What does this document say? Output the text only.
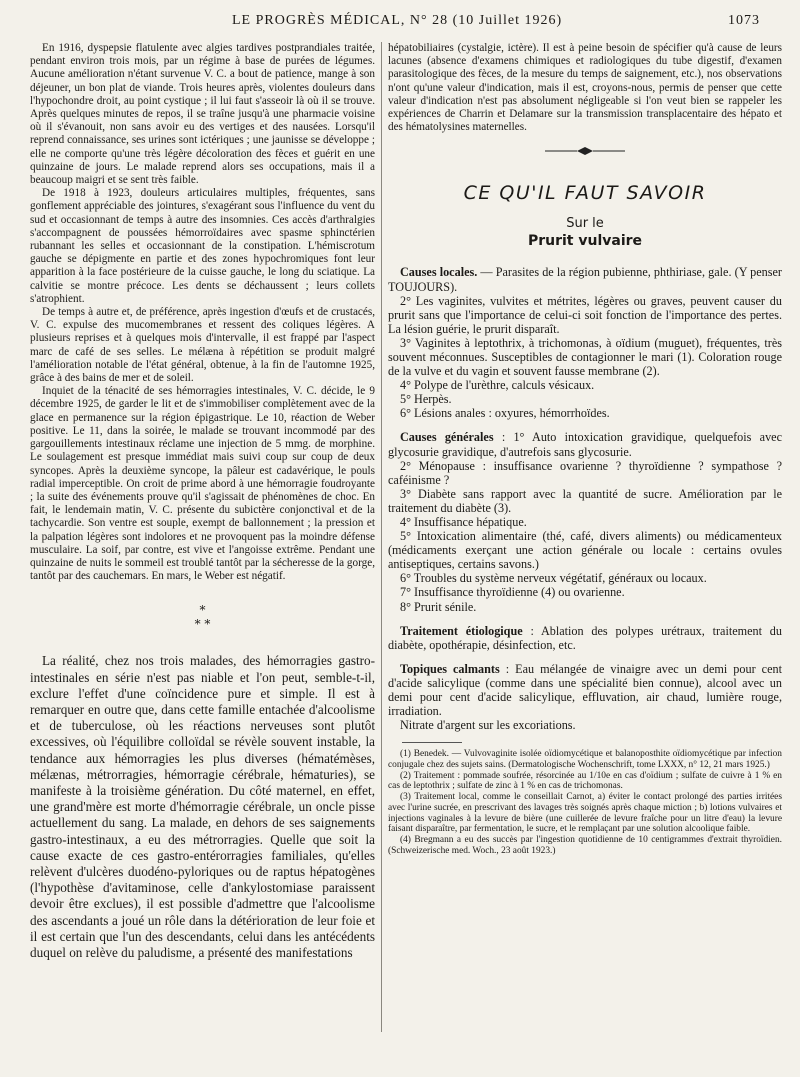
LE PROGRÈS MÉDICAL, N° 28 (10 Juillet 1926)	1073

En 1916, dyspepsie flatulente avec algies tardives postprandiales traitée, pendant environ trois mois, par un régime à base de purées de légumes. Aucune amélioration n'étant survenue V. C. a bout de patience, mange à son déjeuner, un bon plat de viande. Trois heures après, violentes douleurs dans l'hypochondre droit, au point cystique ; il lui faut s'asseoir là où il se trouve. Après quelques minutes de repos, il se traîne jusqu'à une pharmacie voisine où il s'évanouit, non sans avoir eu des vertiges et des nausées. Lorsqu'il reprend connaissance, ses urines sont ictériques ; une jaunisse se développe ; elle ne comporte qu'une très légère décoloration des fèces et guérit en une quinzaine de jours. Le malade reprend alors ses occupations, mais il a beaucoup maigri et se sent très faible.

De 1918 à 1923, douleurs articulaires multiples, fréquentes, sans gonflement appréciable des jointures, s'exagérant sous l'influence du vent du sud et occasionnant de temps à autre des insomnies. Ces accès d'arthralgies s'accompagnent de poussées hémorroïdaires avec spasme sphinctérien rubannant les selles et occasionnant de la constipation. L'hémiscrotum gauche se dépigmente en partie et des zones hypochromiques font leur apparition à la face postérieure de la cuisse gauche, le long du sciatique. La calvitie se montre précoce. Les dents se déchaussent ; leurs collets s'atrophient.

De temps à autre et, de préférence, après ingestion d'œufs et de crustacés, V. C. expulse des mucomembranes et ressent des coliques légères. A plusieurs reprises et à quelques mois d'intervalle, il est frappé par l'aspect marc de café de ses selles. Le mélæna à répétition se produit malgré l'amélioration notable de l'état général, obtenue, à la fin de l'automne 1925, grâce à des bains de mer et de soleil.

Inquiet de la ténacité de ses hémorragies intestinales, V. C. décide, le 9 décembre 1925, de garder le lit et de s'immobiliser complètement avec de la glace en permanence sur la région épigastrique. Le 10, réaction de Weber positive. Le 11, dans la soirée, le malade se trouvant incommodé par des gargouillements intestinaux réclame une injection de 5 mmg. de morphine. Le soulagement est presque immédiat mais suivi coup sur coup de deux syncopes. Après la deuxième syncope, la pâleur est cadavérique, le pouls radial imperceptible. On croit de prime abord à une hémorragie foudroyante ; la suite des événements prouve qu'il s'agissait de phénomènes de choc. En fait, le lendemain matin, V. C. présente du subictère conjonctival et de la tachycardie. Son ventre est souple, exempt de ballonnement ; la pression et la palpation légères sont indolores et ne provoquent pas la moindre défense musculaire. La soif, par contre, est vive et l'angoisse extrême. Pendant une quinzaine de nuits le sommeil est troublé tantôt par la sécheresse de la gorge, tantôt par des cauchemars. En mars, le Weber est négatif.

*
* *

La réalité, chez nos trois malades, des hémorragies gastro-intestinales en série n'est pas niable et l'on peut, semble-t-il, exclure l'effet d'une coïncidence pure et simple. Il est à remarquer en outre que, dans cette famille entachée d'alcoolisme et de tuberculose, où les réactions nerveuses sont plutôt excessives, où l'équilibre colloïdal se révèle souvent instable, la tendance aux hémorragies les plus diverses (hématémèses, mélænas, métrorragies, hémorragie cérébrale, hématuries), se manifeste à la troisième génération. Du côté maternel, en effet, une grand'mère est morte d'hémorragie cérébrale, un oncle pisse actuellement du sang. La malade, en dehors de ses saignements gastro-intestinaux, a eu des métrorragies. Quelle que soit la cause exacte de ces gastro-entérorragies familiales, qu'elles relèvent d'ulcères duodéno-pyloriques ou de raptus hépatogènes (l'hypothèse d'avitaminose, celle d'ankylostomiase paraissent devoir être exclues), il est possible d'admettre que l'alcoolisme des ascendants a joué un rôle dans la détérioration de leur foie et il est certain que l'un des descendants, celui dans les antécédents duquel on relève du paludisme, a présenté des manifestations

hépatobiliaires (cystalgie, ictère). Il est à peine besoin de spécifier qu'à cause de leurs lacunes (absence d'examens chimiques et radiologiques du tube digestif, d'examen parasitologique des fèces, de la mesure du temps de saignement, etc.), nos observations n'ont qu'une valeur d'indication, mais il est, croyons-nous, permis de penser que cette valeur d'indication n'est pas absolument négligeable si l'on veut bien se rappeler les expériences de Charrin et Delamare sur la transmission transplacentaire des hépato et des hématolysines maternelles.

CE QU'IL FAUT SAVOIR

Sur le

Prurit vulvaire

Causes locales. — Parasites de la région pubienne, phthiriase, gale. (Y penser TOUJOURS).

2° Les vaginites, vulvites et métrites, légères ou graves, peuvent causer du prurit sans que l'importance de celui-ci soit fonction de l'importance des pertes. La lésion guérie, le prurit disparaît.

3° Vaginites à leptothrix, à trichomonas, à oïdium (muguet), fréquentes, très souvent méconnues. Susceptibles de contagionner le mari (1). Coloration rouge de la vulve et du vagin et souvent fausse membrane (2).

4° Polype de l'urèthre, calculs vésicaux.

5° Herpès.

6° Lésions anales : oxyures, hémorrhoïdes.

Causes générales : 1° Auto intoxication gravidique, quelquefois avec glycosurie gravidique, d'autrefois sans glycosurie.

2° Ménopause : insuffisance ovarienne ? thyroïdienne ? sympathose ? caféinisme ?

3° Diabète sans rapport avec la quantité de sucre. Amélioration par le traitement du diabète (3).

4° Insuffisance hépatique.

5° Intoxication alimentaire (thé, café, divers aliments) ou médicamenteux (médicaments exerçant une action générale ou locale : certains ovules antiseptiques, certains savons.)

6° Troubles du système nerveux végétatif, généraux ou locaux.

7° Insuffisance thyroïdienne (4) ou ovarienne.

8° Prurit sénile.

Traitement étiologique : Ablation des polypes urétraux, traitement du diabète, opothérapie, désinfection, etc.

Topiques calmants : Eau mélangée de vinaigre avec un demi pour cent d'acide salicylique (comme dans une spécialité bien connue), alcool avec un demi pour cent d'acide salicylique, effluvation, air chaud, lumière rouge, irradiation.

Nitrate d'argent sur les excoriations.

(1) Benedek. — Vulvovaginite isolée oïdiomycétique et balanoposthite oïdiomycétique par infection conjugale chez des sujets sains. (Dermatologische Wochenschrift, tome LXXX, n° 12, 21 mars 1925.)

(2) Traitement : pommade soufrée, résorcinée au 1/10e en cas d'oïdium ; sulfate de cuivre à 1 % en cas de leptothrix ; sulfate de zinc à 1 % en cas de trichomonas.

(3) Traitement local, comme le conseillait Carnot, a) éviter le contact prolongé des parties irritées avec l'urine sucrée, en prescrivant des lavages très soignés après chaque miction ; b) lotions vulvaires et injections vaginales à la levure de bière (une cuillerée de levure fraîche pour un litre d'eau) la levure faisant disparaître, par fermentation, le sucre, et le remplaçant par une solution alcoolique faible.

(4) Bregmann a eu des succès par l'ingestion quotidienne de 10 centigrammes d'extrait thyroïdien. (Schweizerische med. Woch., 23 août 1923.)
